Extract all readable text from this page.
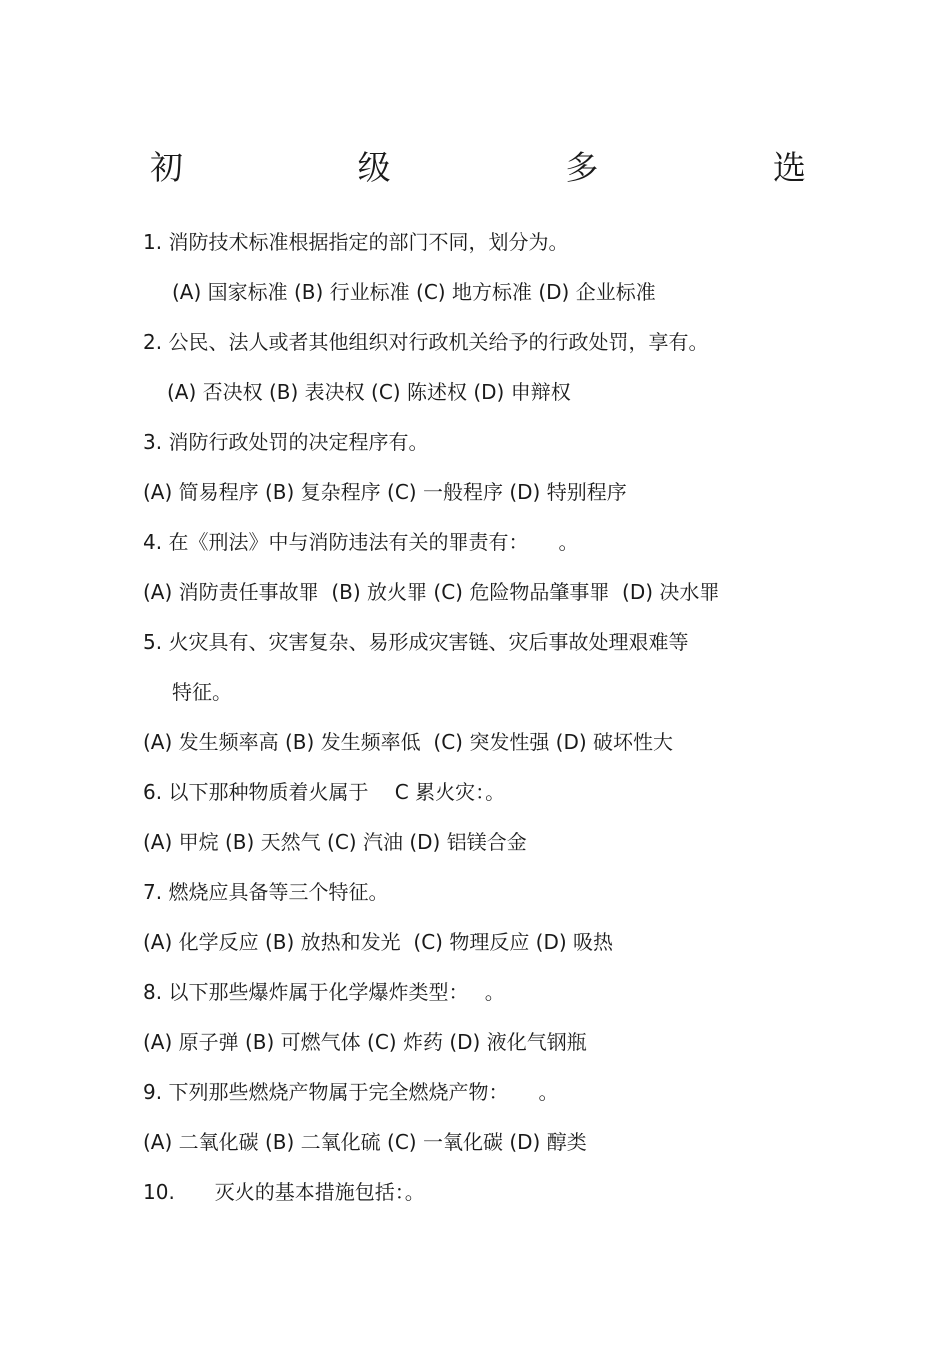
初	级	多	选
1. 消防技术标准根据指定的部门不同，划分为。
(A) 国家标准 (B) 行业标准 (C) 地方标准 (D) 企业标准
2. 公民、法人或者其他组织对行政机关给予的行政处罚，享有。
(A) 否决权 (B) 表决权 (C) 陈述权 (D) 申辩权
3. 消防行政处罚的决定程序有。
(A) 简易程序 (B) 复杂程序 (C) 一般程序 (D) 特别程序
4. 在《刑法》中与消防违法有关的罪责有：　　。
(A) 消防责任事故罪  (B) 放火罪 (C) 危险物品肇事罪  (D) 决水罪
5. 火灾具有、灾害复杂、易形成灾害链、灾后事故处理艰难等
特征。
(A) 发生频率高 (B) 发生频率低  (C) 突发性强 (D) 破坏性大
6. 以下那种物质着火属于　 C 累火灾：。
(A) 甲烷 (B) 天然气 (C) 汽油 (D) 铝镁合金
7. 燃烧应具备等三个特征。
(A) 化学反应 (B) 放热和发光  (C) 物理反应 (D) 吸热
8. 以下那些爆炸属于化学爆炸类型：　 。
(A) 原子弹 (B) 可燃气体 (C) 炸药 (D) 液化气钢瓶
9. 下列那些燃烧产物属于完全燃烧产物：　　。
(A) 二氧化碳 (B) 二氧化硫 (C) 一氧化碳 (D) 醇类
10.　　灭火的基本措施包括：。
